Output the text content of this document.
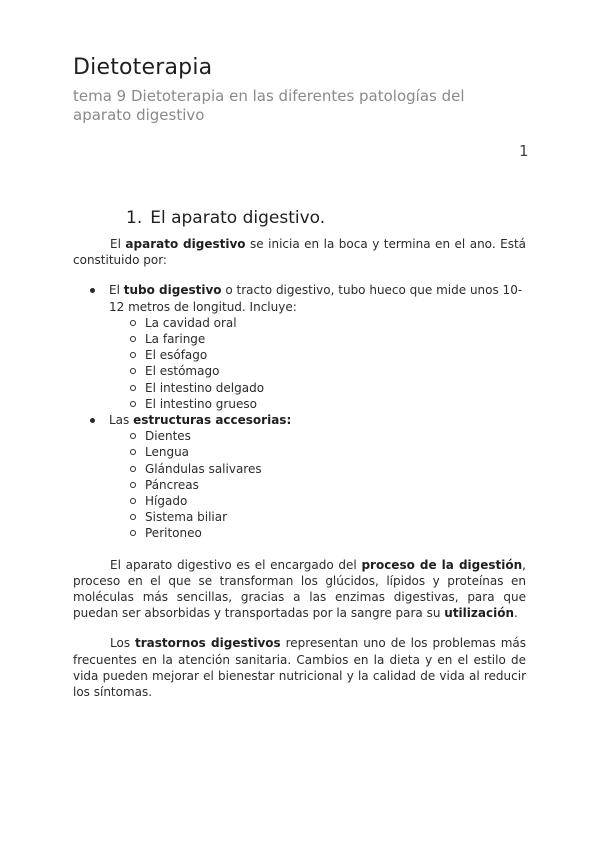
Dietoterapia
tema 9 Dietoterapia en las diferentes patologías del aparato digestivo
1
1. El aparato digestivo.

El aparato digestivo se inicia en la boca y termina en el ano. Está constituido por:

El tubo digestivo o tracto digestivo, tubo hueco que mide unos 10-12 metros de longitud. Incluye:
La cavidad oral
La faringe
El esófago
El estómago
El intestino delgado
El intestino grueso
Las estructuras accesorias:
Dientes
Lengua
Glándulas salivares
Páncreas
Hígado
Sistema biliar
Peritoneo

El aparato digestivo es el encargado del proceso de la digestión, proceso en el que se transforman los glúcidos, lípidos y proteínas en moléculas más sencillas, gracias a las enzimas digestivas, para que puedan ser absorbidas y transportadas por la sangre para su utilización.

Los trastornos digestivos representan uno de los problemas más frecuentes en la atención sanitaria. Cambios en la dieta y en el estilo de vida pueden mejorar el bienestar nutricional y la calidad de vida al reducir los síntomas.
